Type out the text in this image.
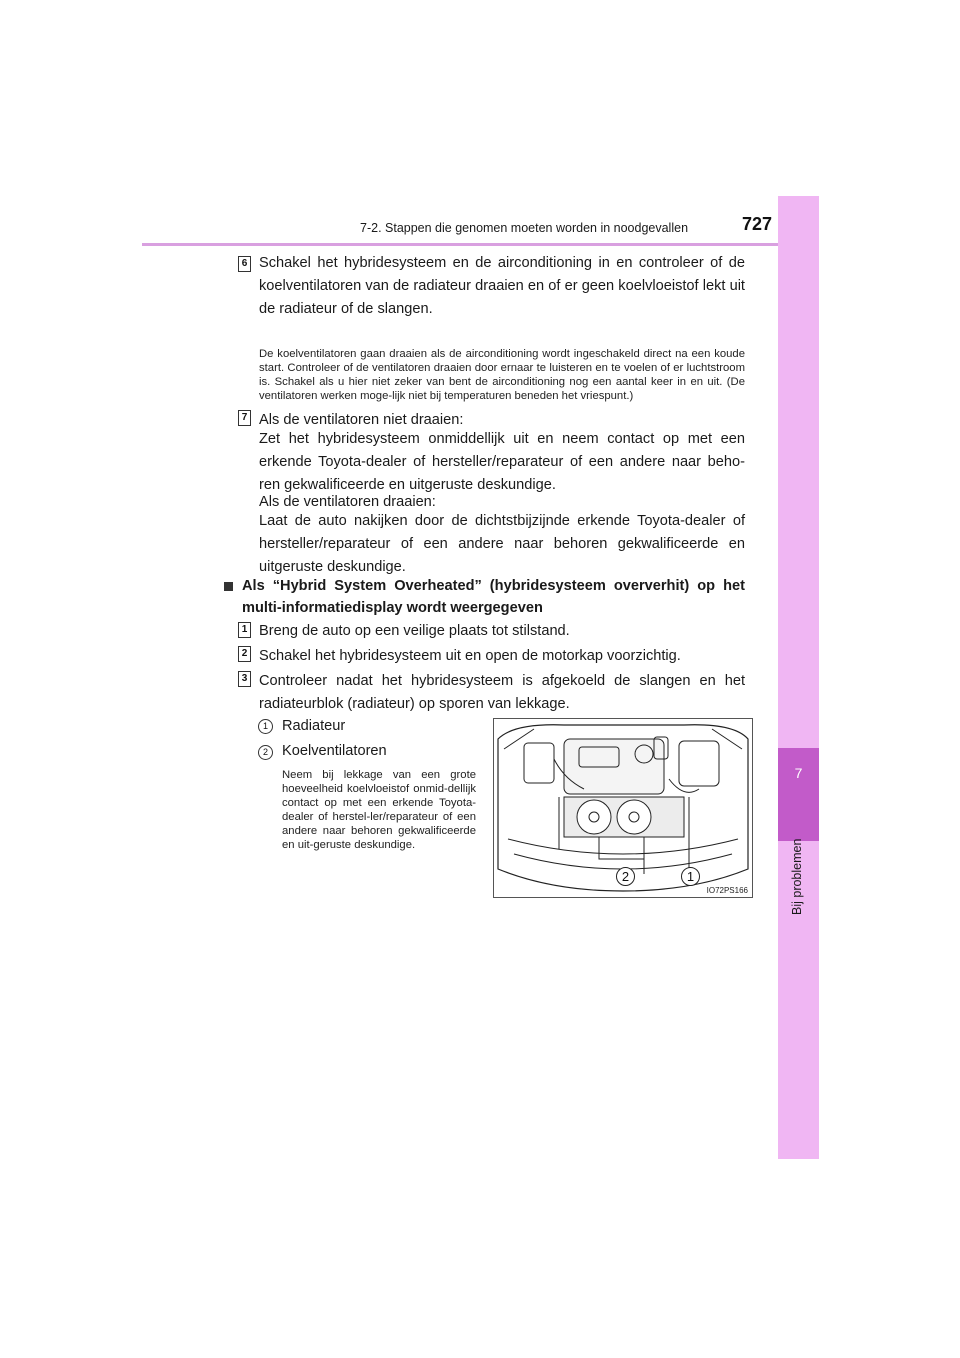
7-2. Stappen die genomen moeten worden in noodgevallen	727
7
Bij problemen
6 Schakel het hybridesysteem en de airconditioning in en controleer of de koelventilatoren van de radiateur draaien en of er geen koelvloeistof lekt uit de radiateur of de slangen.
De koelventilatoren gaan draaien als de airconditioning wordt ingeschakeld direct na een koude start. Controleer of de ventilatoren draaien door ernaar te luisteren en te voelen of er luchtstroom is. Schakel als u hier niet zeker van bent de airconditioning nog een aantal keer in en uit. (De ventilatoren werken moge-lijk niet bij temperaturen beneden het vriespunt.)
7 Als de ventilatoren niet draaien:
Zet het hybridesysteem onmiddellijk uit en neem contact op met een erkende Toyota-dealer of hersteller/reparateur of een andere naar beho-ren gekwalificeerde en uitgeruste deskundige.
Als de ventilatoren draaien:
Laat de auto nakijken door de dichtstbijzijnde erkende Toyota-dealer of hersteller/reparateur of een andere naar behoren gekwalificeerde en uitgeruste deskundige.
Als “Hybrid System Overheated” (hybridesysteem oververhit) op het multi-informatiedisplay wordt weergegeven
1 Breng de auto op een veilige plaats tot stilstand.
2 Schakel het hybridesysteem uit en open de motorkap voorzichtig.
3 Controleer nadat het hybridesysteem is afgekoeld de slangen en het radiateurblok (radiateur) op sporen van lekkage.
1 Radiateur
2 Koelventilatoren
Neem bij lekkage van een grote hoeveelheid koelvloeistof onmid-dellijk contact op met een erkende Toyota-dealer of herstel-ler/reparateur of een andere naar behoren gekwalificeerde en uit-geruste deskundige.
2	1
IO72PS166
